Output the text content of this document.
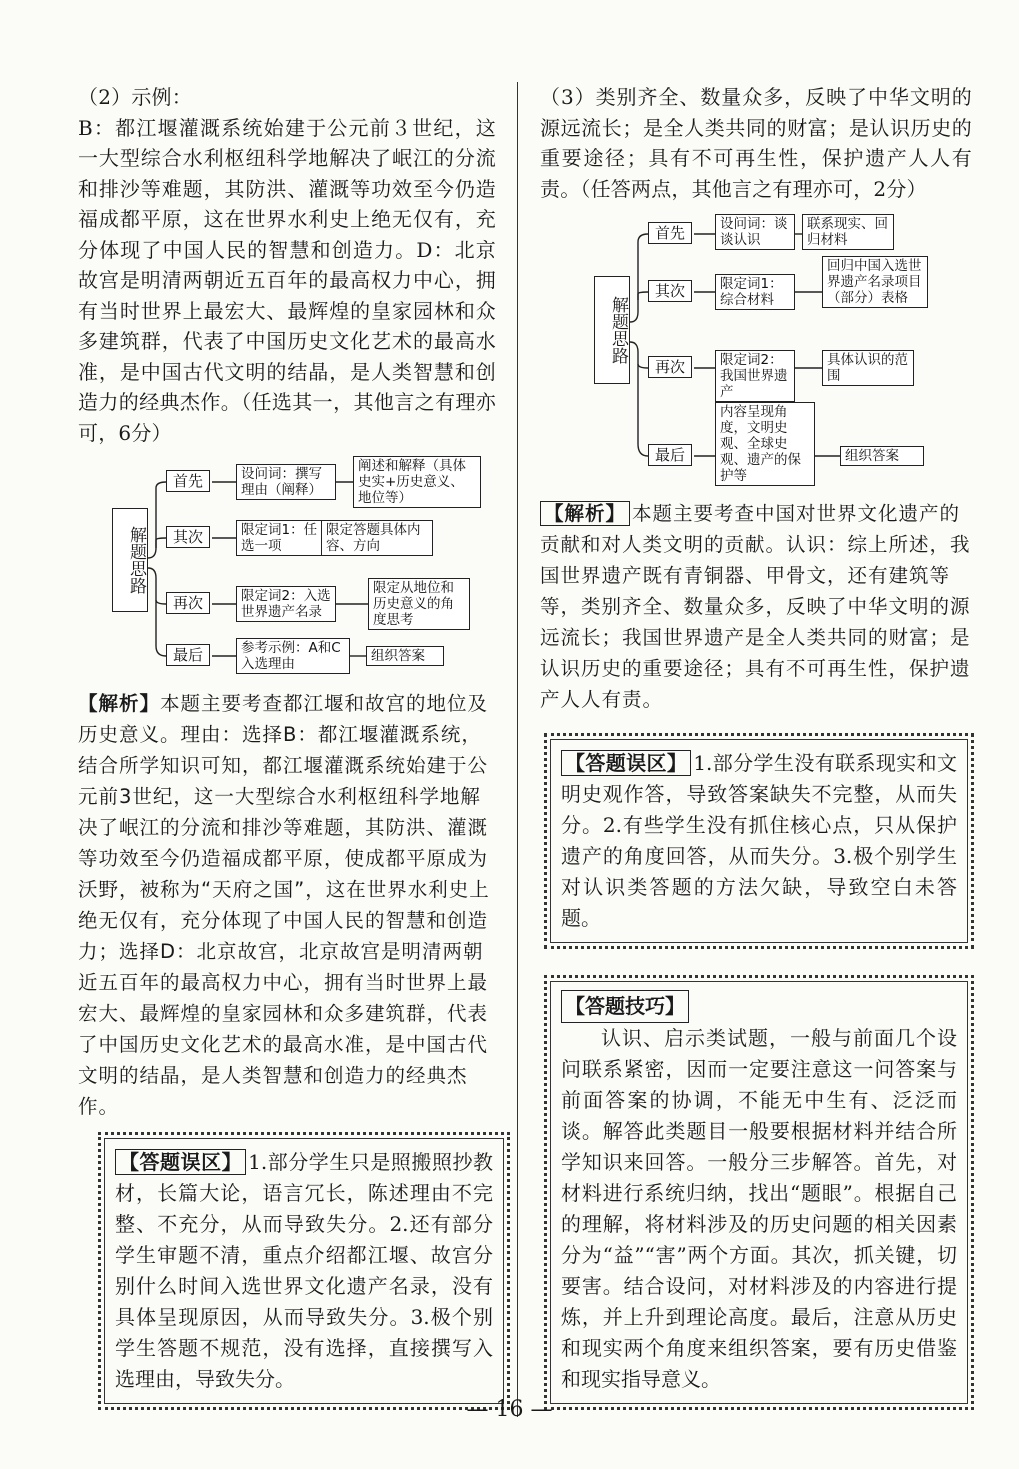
（2）示例：

B：都江堰灌溉系统始建于公元前３世纪，这一大型综合水利枢纽科学地解决了岷江的分流和排沙等难题，其防洪、灌溉等功效至今仍造福成都平原，这在世界水利史上绝无仅有，充分体现了中国人民的智慧和创造力。D：北京故宫是明清两朝近五百年的最高权力中心，拥有当时世界上最宏大、最辉煌的皇家园林和众多建筑群，代表了中国历史文化艺术的最高水准，是中国古代文明的结晶，是人类智慧和创造力的经典杰作。（任选其一，其他言之有理亦可，6分）

解题思路
首先
其次
再次
最后
设问词：撰写理由（阐释）
限定词1：任选一项
限定词2：入选世界遗产名录
参考示例：A和C入选理由
阐述和解释（具体史实+历史意义、地位等）
限定答题具体内容、方向
限定从地位和历史意义的角度思考
组织答案
【解析】本题主要考查都江堰和故宫的地位及历史意义。理由：选择B：都江堰灌溉系统，结合所学知识可知，都江堰灌溉系统始建于公元前3世纪，这一大型综合水利枢纽科学地解决了岷江的分流和排沙等难题，其防洪、灌溉等功效至今仍造福成都平原，使成都平原成为沃野，被称为“天府之国”，这在世界水利史上绝无仅有，充分体现了中国人民的智慧和创造力；选择D：北京故宫，北京故宫是明清两朝近五百年的最高权力中心，拥有当时世界上最宏大、最辉煌的皇家园林和众多建筑群，代表了中国历史文化艺术的最高水准，是中国古代文明的结晶，是人类智慧和创造力的经典杰作。
【答题误区】 1.部分学生只是照搬照抄教材，长篇大论，语言冗长，陈述理由不完整、不充分，从而导致失分。2.还有部分学生审题不清，重点介绍都江堰、故宫分别什么时间入选世界文化遗产名录，没有具体呈现原因，从而导致失分。3.极个别学生答题不规范，没有选择，直接撰写入选理由，导致失分。
（3）类别齐全、数量众多，反映了中华文明的源远流长；是全人类共同的财富；是认识历史的重要途径；具有不可再生性，保护遗产人人有责。（任答两点，其他言之有理亦可，2分）
解题思路
首先
其次
再次
最后
设问词：谈谈认识
限定词1：综合材料
限定词2：我国世界遗产
内容呈现角度，文明史观、全球史观、遗产的保护等
联系现实、回归材料
回归中国入选世界遗产名录项目（部分）表格
具体认识的范围
组织答案
【解析】 本题主要考查中国对世界文化遗产的贡献和对人类文明的贡献。认识：综上所述，我国世界遗产既有青铜器、甲骨文，还有建筑等等，类别齐全、数量众多，反映了中华文明的源远流长；我国世界遗产是全人类共同的财富；是认识历史的重要途径；具有不可再生性，保护遗产人人有责。
【答题误区】 1.部分学生没有联系现实和文明史观作答，导致答案缺失不完整，从而失分。2.有些学生没有抓住核心点，只从保护遗产的角度回答，从而失分。3.极个别学生对认识类答题的方法欠缺，导致空白未答题。
【答题技巧】
认识、启示类试题，一般与前面几个设问联系紧密，因而一定要注意这一问答案与前面答案的协调，不能无中生有、泛泛而谈。解答此类题目一般要根据材料并结合所学知识来回答。一般分三步解答。首先，对材料进行系统归纳，找出“题眼”。根据自己的理解，将材料涉及的历史问题的相关因素分为“益”“害”两个方面。其次，抓关键，切要害。结合设问，对材料涉及的内容进行提炼，并上升到理论高度。最后，注意从历史和现实两个角度来组织答案，要有历史借鉴和现实指导意义。
— 16 —
